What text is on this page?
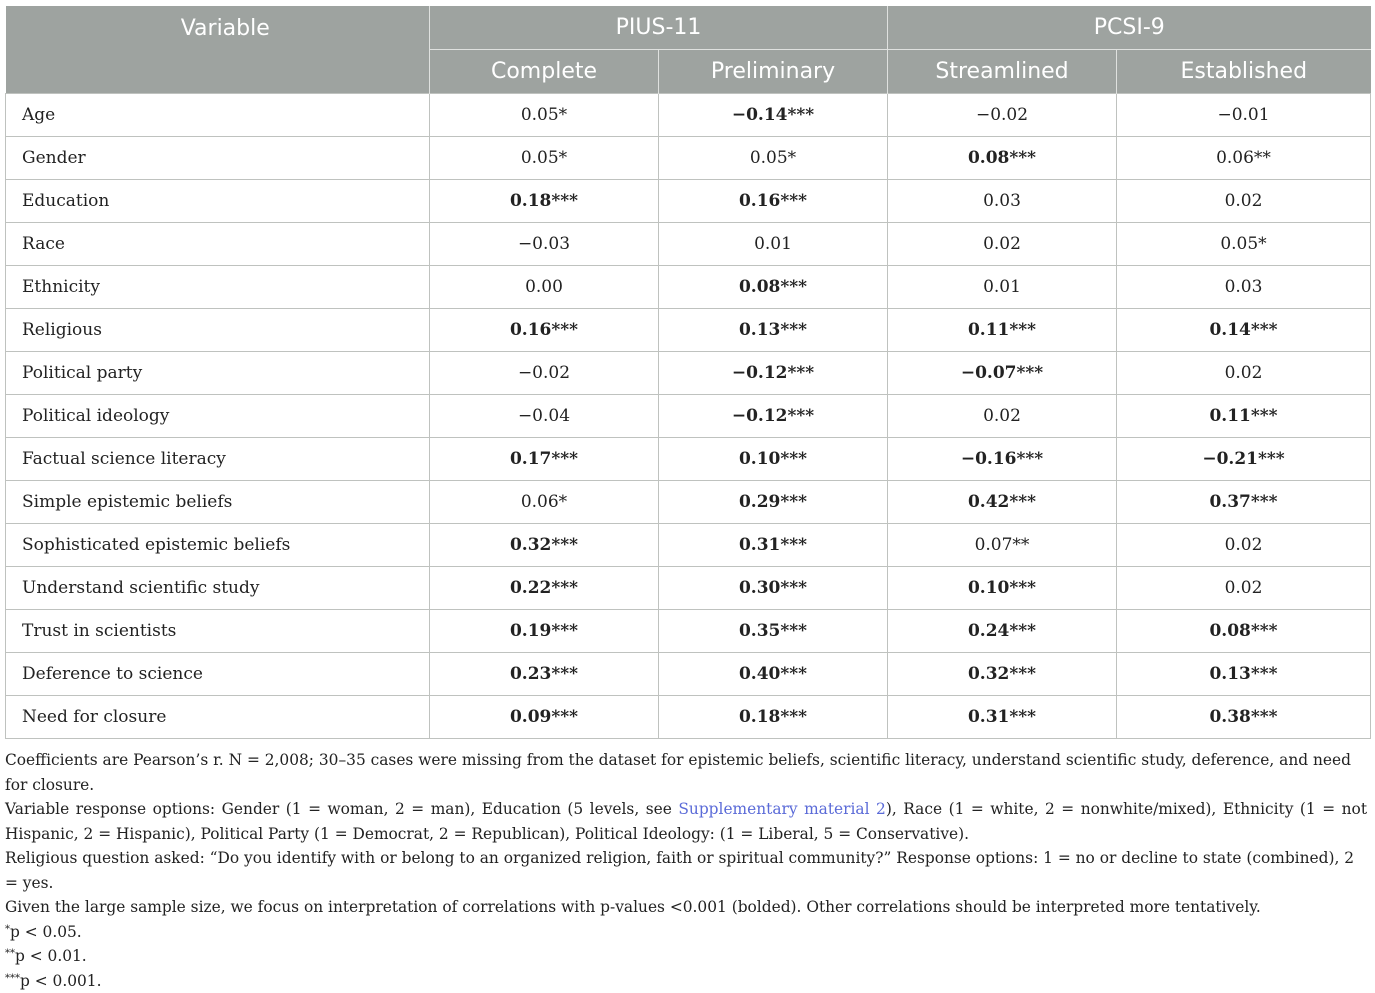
Variable	PIUS-11		PCSI-9	
	Complete	Preliminary	Streamlined	Established
Age	0.05*	−0.14***	−0.02	−0.01
Gender	0.05*	0.05*	0.08***	0.06**
Education	0.18***	0.16***	0.03	0.02
Race	−0.03	0.01	0.02	0.05*
Ethnicity	0.00	0.08***	0.01	0.03
Religious	0.16***	0.13***	0.11***	0.14***
Political party	−0.02	−0.12***	−0.07***	0.02
Political ideology	−0.04	−0.12***	0.02	0.11***
Factual science literacy	0.17***	0.10***	−0.16***	−0.21***
Simple epistemic beliefs	0.06*	0.29***	0.42***	0.37***
Sophisticated epistemic beliefs	0.32***	0.31***	0.07**	0.02
Understand scientific study	0.22***	0.30***	0.10***	0.02
Trust in scientists	0.19***	0.35***	0.24***	0.08***
Deference to science	0.23***	0.40***	0.32***	0.13***
Need for closure	0.09***	0.18***	0.31***	0.38***

Coefficients are Pearson’s r. N = 2,008; 30–35 cases were missing from the dataset for epistemic beliefs, scientific literacy, understand scientific study, deference, and need for closure.

Variable response options: Gender (1 = woman, 2 = man), Education (5 levels, see Supplementary material 2), Race (1 = white, 2 = nonwhite/mixed), Ethnicity (1 = not Hispanic, 2 = Hispanic), Political Party (1 = Democrat, 2 = Republican), Political Ideology: (1 = Liberal, 5 = Conservative).

Religious question asked: “Do you identify with or belong to an organized religion, faith or spiritual community?” Response options: 1 = no or decline to state (combined), 2 = yes.

Given the large sample size, we focus on interpretation of correlations with p-values <0.001 (bolded). Other correlations should be interpreted more tentatively.

*p < 0.05.

**p < 0.01.

***p < 0.001.
